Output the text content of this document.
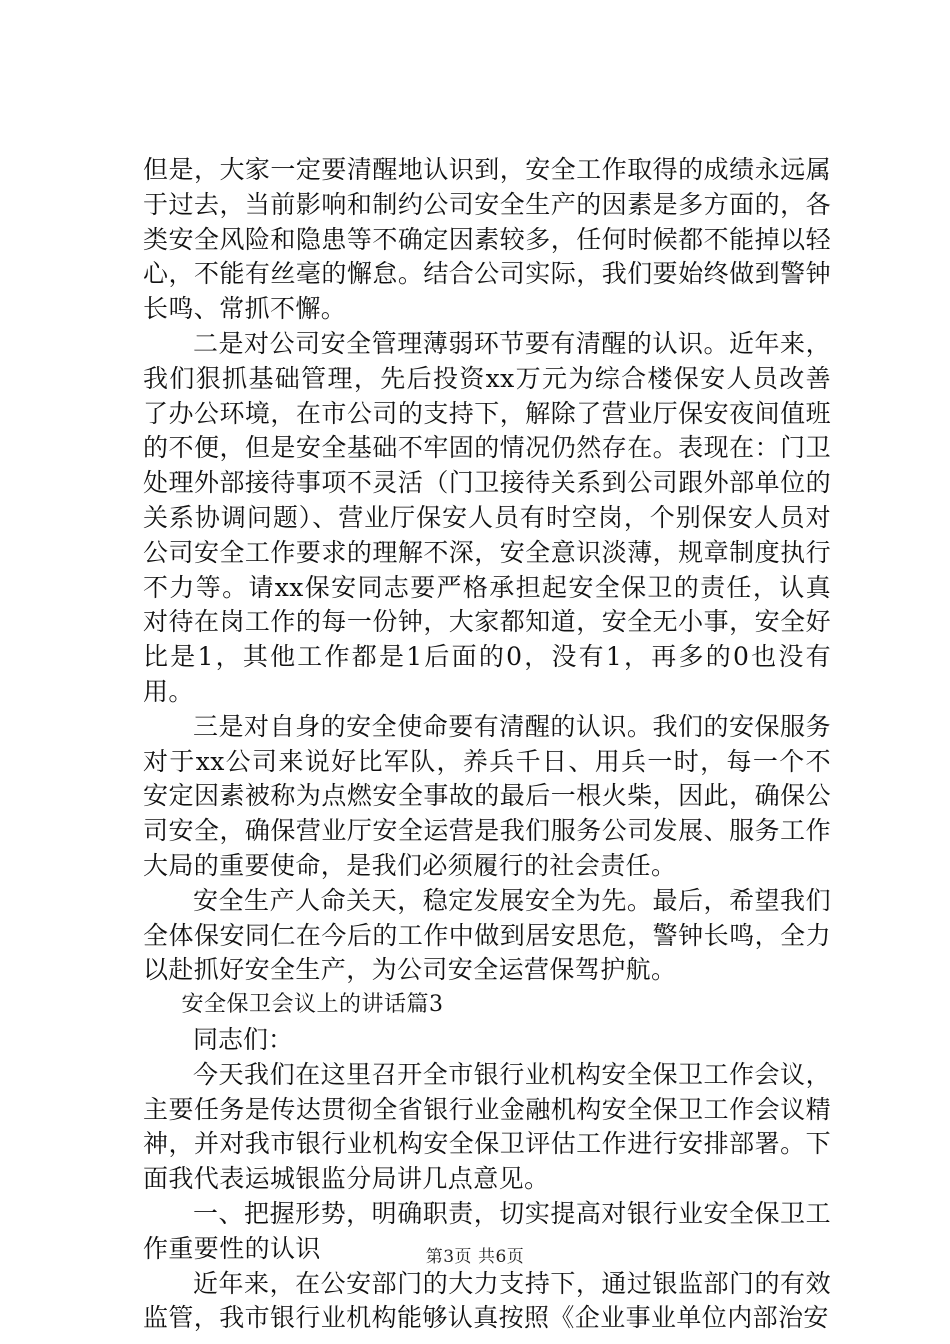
但是，大家一定要清醒地认识到，安全工作取得的成绩永远属于过去，当前影响和制约公司安全生产的因素是多方面的，各类安全风险和隐患等不确定因素较多，任何时候都不能掉以轻心，不能有丝毫的懈怠。结合公司实际，我们要始终做到警钟长鸣、常抓不懈。

二是对公司安全管理薄弱环节要有清醒的认识。近年来，我们狠抓基础管理，先后投资xx万元为综合楼保安人员改善了办公环境，在市公司的支持下，解除了营业厅保安夜间值班的不便，但是安全基础不牢固的情况仍然存在。表现在：门卫处理外部接待事项不灵活（门卫接待关系到公司跟外部单位的关系协调问题）、营业厅保安人员有时空岗，个别保安人员对公司安全工作要求的理解不深，安全意识淡薄，规章制度执行不力等。请xx保安同志要严格承担起安全保卫的责任，认真对待在岗工作的每一份钟，大家都知道，安全无小事，安全好比是1，其他工作都是1后面的0，没有1，再多的0也没有用。

三是对自身的安全使命要有清醒的认识。我们的安保服务对于xx公司来说好比军队，养兵千日、用兵一时，每一个不安定因素被称为点燃安全事故的最后一根火柴，因此，确保公司安全，确保营业厅安全运营是我们服务公司发展、服务工作大局的重要使命，是我们必须履行的社会责任。

安全生产人命关天，稳定发展安全为先。最后，希望我们全体保安同仁在今后的工作中做到居安思危，警钟长鸣，全力以赴抓好安全生产，为公司安全运营保驾护航。

安全保卫会议上的讲话篇3

同志们：

今天我们在这里召开全市银行业机构安全保卫工作会议，主要任务是传达贯彻全省银行业金融机构安全保卫工作会议精神，并对我市银行业机构安全保卫评估工作进行安排部署。下面我代表运城银监分局讲几点意见。

一、把握形势，明确职责，切实提高对银行业安全保卫工作重要性的认识

近年来，在公安部门的大力支持下，通过银监部门的有效监管，我市银行业机构能够认真按照《企业事业单位内部治安

第3页 共6页
